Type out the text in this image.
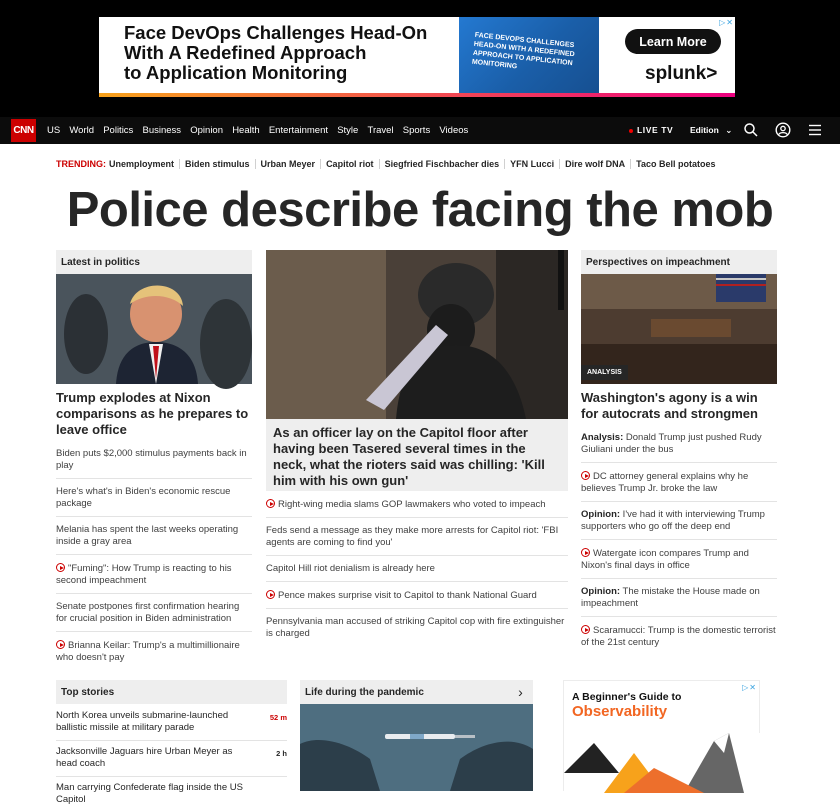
Face DevOps Challenges Head-On
With A Redefined Approach
to Application Monitoring
FACE DEVOPS CHALLENGES HEAD-ON WITH A REDEFINED APPROACH TO APPLICATION MONITORING
Learn More
splunk>
▷✕
CNN US World Politics Business Opinion Health Entertainment Style Travel Sports Videos	LIVE TV Edition ⌄
TRENDING: Unemployment	Biden stimulus	Urban Meyer	Capitol riot	Siegfried Fischbacher dies	YFN Lucci	Dire wolf DNA	Taco Bell potatoes
Police describe facing the mob
Latest in politics
Trump explodes at Nixon comparisons as he prepares to leave office
Biden puts $2,000 stimulus payments back in play
Here's what's in Biden's economic rescue package
Melania has spent the last weeks operating inside a gray area
"Fuming": How Trump is reacting to his second impeachment
Senate postpones first confirmation hearing for crucial position in Biden administration
Brianna Keilar: Trump's a multimillionaire who doesn't pay
As an officer lay on the Capitol floor after having been Tasered several times in the neck, what the rioters said was chilling: 'Kill him with his own gun'
Right-wing media slams GOP lawmakers who voted to impeach
Feds send a message as they make more arrests for Capitol riot: 'FBI agents are coming to find you'
Capitol Hill riot denialism is already here
Pence makes surprise visit to Capitol to thank National Guard
Pennsylvania man accused of striking Capitol cop with fire extinguisher is charged
Perspectives on impeachment
ANALYSIS
Washington's agony is a win for autocrats and strongmen
Analysis: Donald Trump just pushed Rudy Giuliani under the bus
DC attorney general explains why he believes Trump Jr. broke the law
Opinion: I've had it with interviewing Trump supporters who go off the deep end
Watergate icon compares Trump and Nixon's final days in office
Opinion: The mistake the House made on impeachment
Scaramucci: Trump is the domestic terrorist of the 21st century
Top stories
North Korea unveils submarine-launched ballistic missile at military parade
52 m
Jacksonville Jaguars hire Urban Meyer as head coach
2 h
Man carrying Confederate flag inside the US Capitol
Life during the pandemic	›	A Beginner's Guide to
Observability
▷✕
